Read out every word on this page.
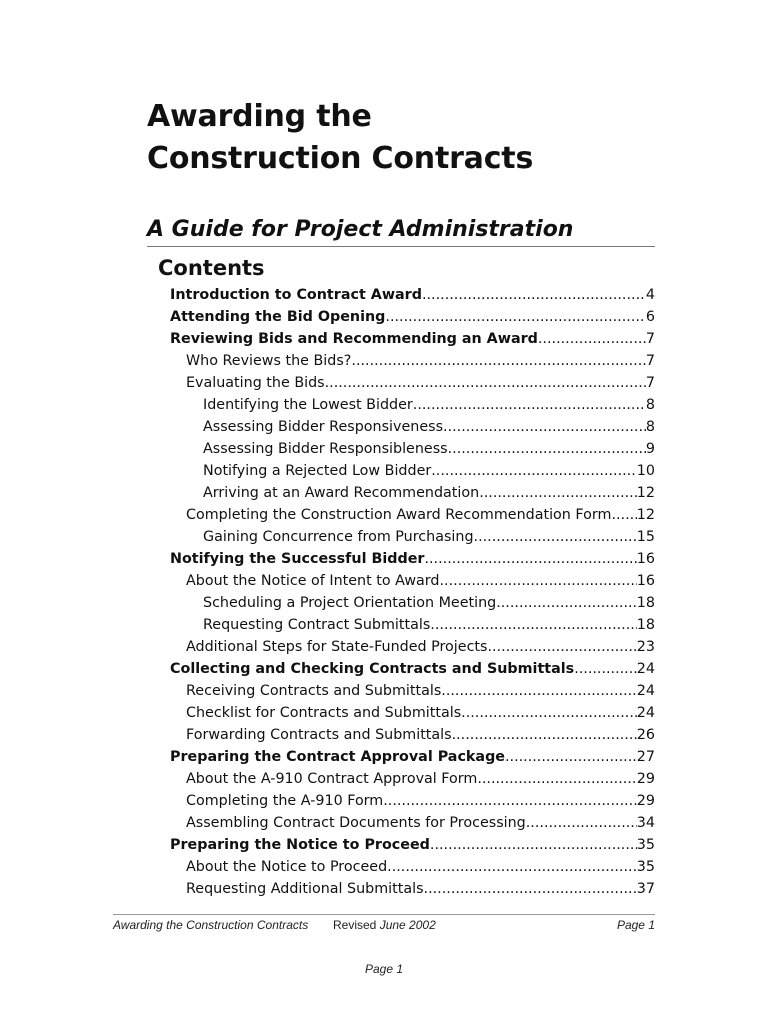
Awarding the
Construction Contracts
A Guide for Project Administration
Contents
Introduction to Contract Award .....	4
Attending the Bid Opening .....	6
Reviewing Bids and Recommending an Award .....	7
Who Reviews the Bids? .....	7
Evaluating the Bids .....	7
Identifying the Lowest Bidder .....	8
Assessing Bidder Responsiveness .....	8
Assessing Bidder Responsibleness .....	9
Notifying a Rejected Low Bidder .....	10
Arriving at an Award Recommendation .....	12
Completing the Construction Award Recommendation Form ..... 12
Gaining Concurrence from Purchasing .....	15
Notifying the Successful Bidder .....	16
About the Notice of Intent to Award .....	16
Scheduling a Project Orientation Meeting .....	18
Requesting Contract Submittals .....	18
Additional Steps for State-Funded Projects .....	23
Collecting and Checking Contracts and Submittals .....	24
Receiving Contracts and Submittals .....	24
Checklist for Contracts and Submittals .....	24
Forwarding Contracts and Submittals .....	26
Preparing the Contract Approval Package .....	27
About the A-910 Contract Approval Form .....	29
Completing the A-910 Form .....	29
Assembling Contract Documents for Processing .....	34
Preparing the Notice to Proceed .....	35
About the Notice to Proceed .....	35
Requesting Additional Submittals .....	37
Awarding the Construction Contracts Revised June 2002	Page 1
Page 1
